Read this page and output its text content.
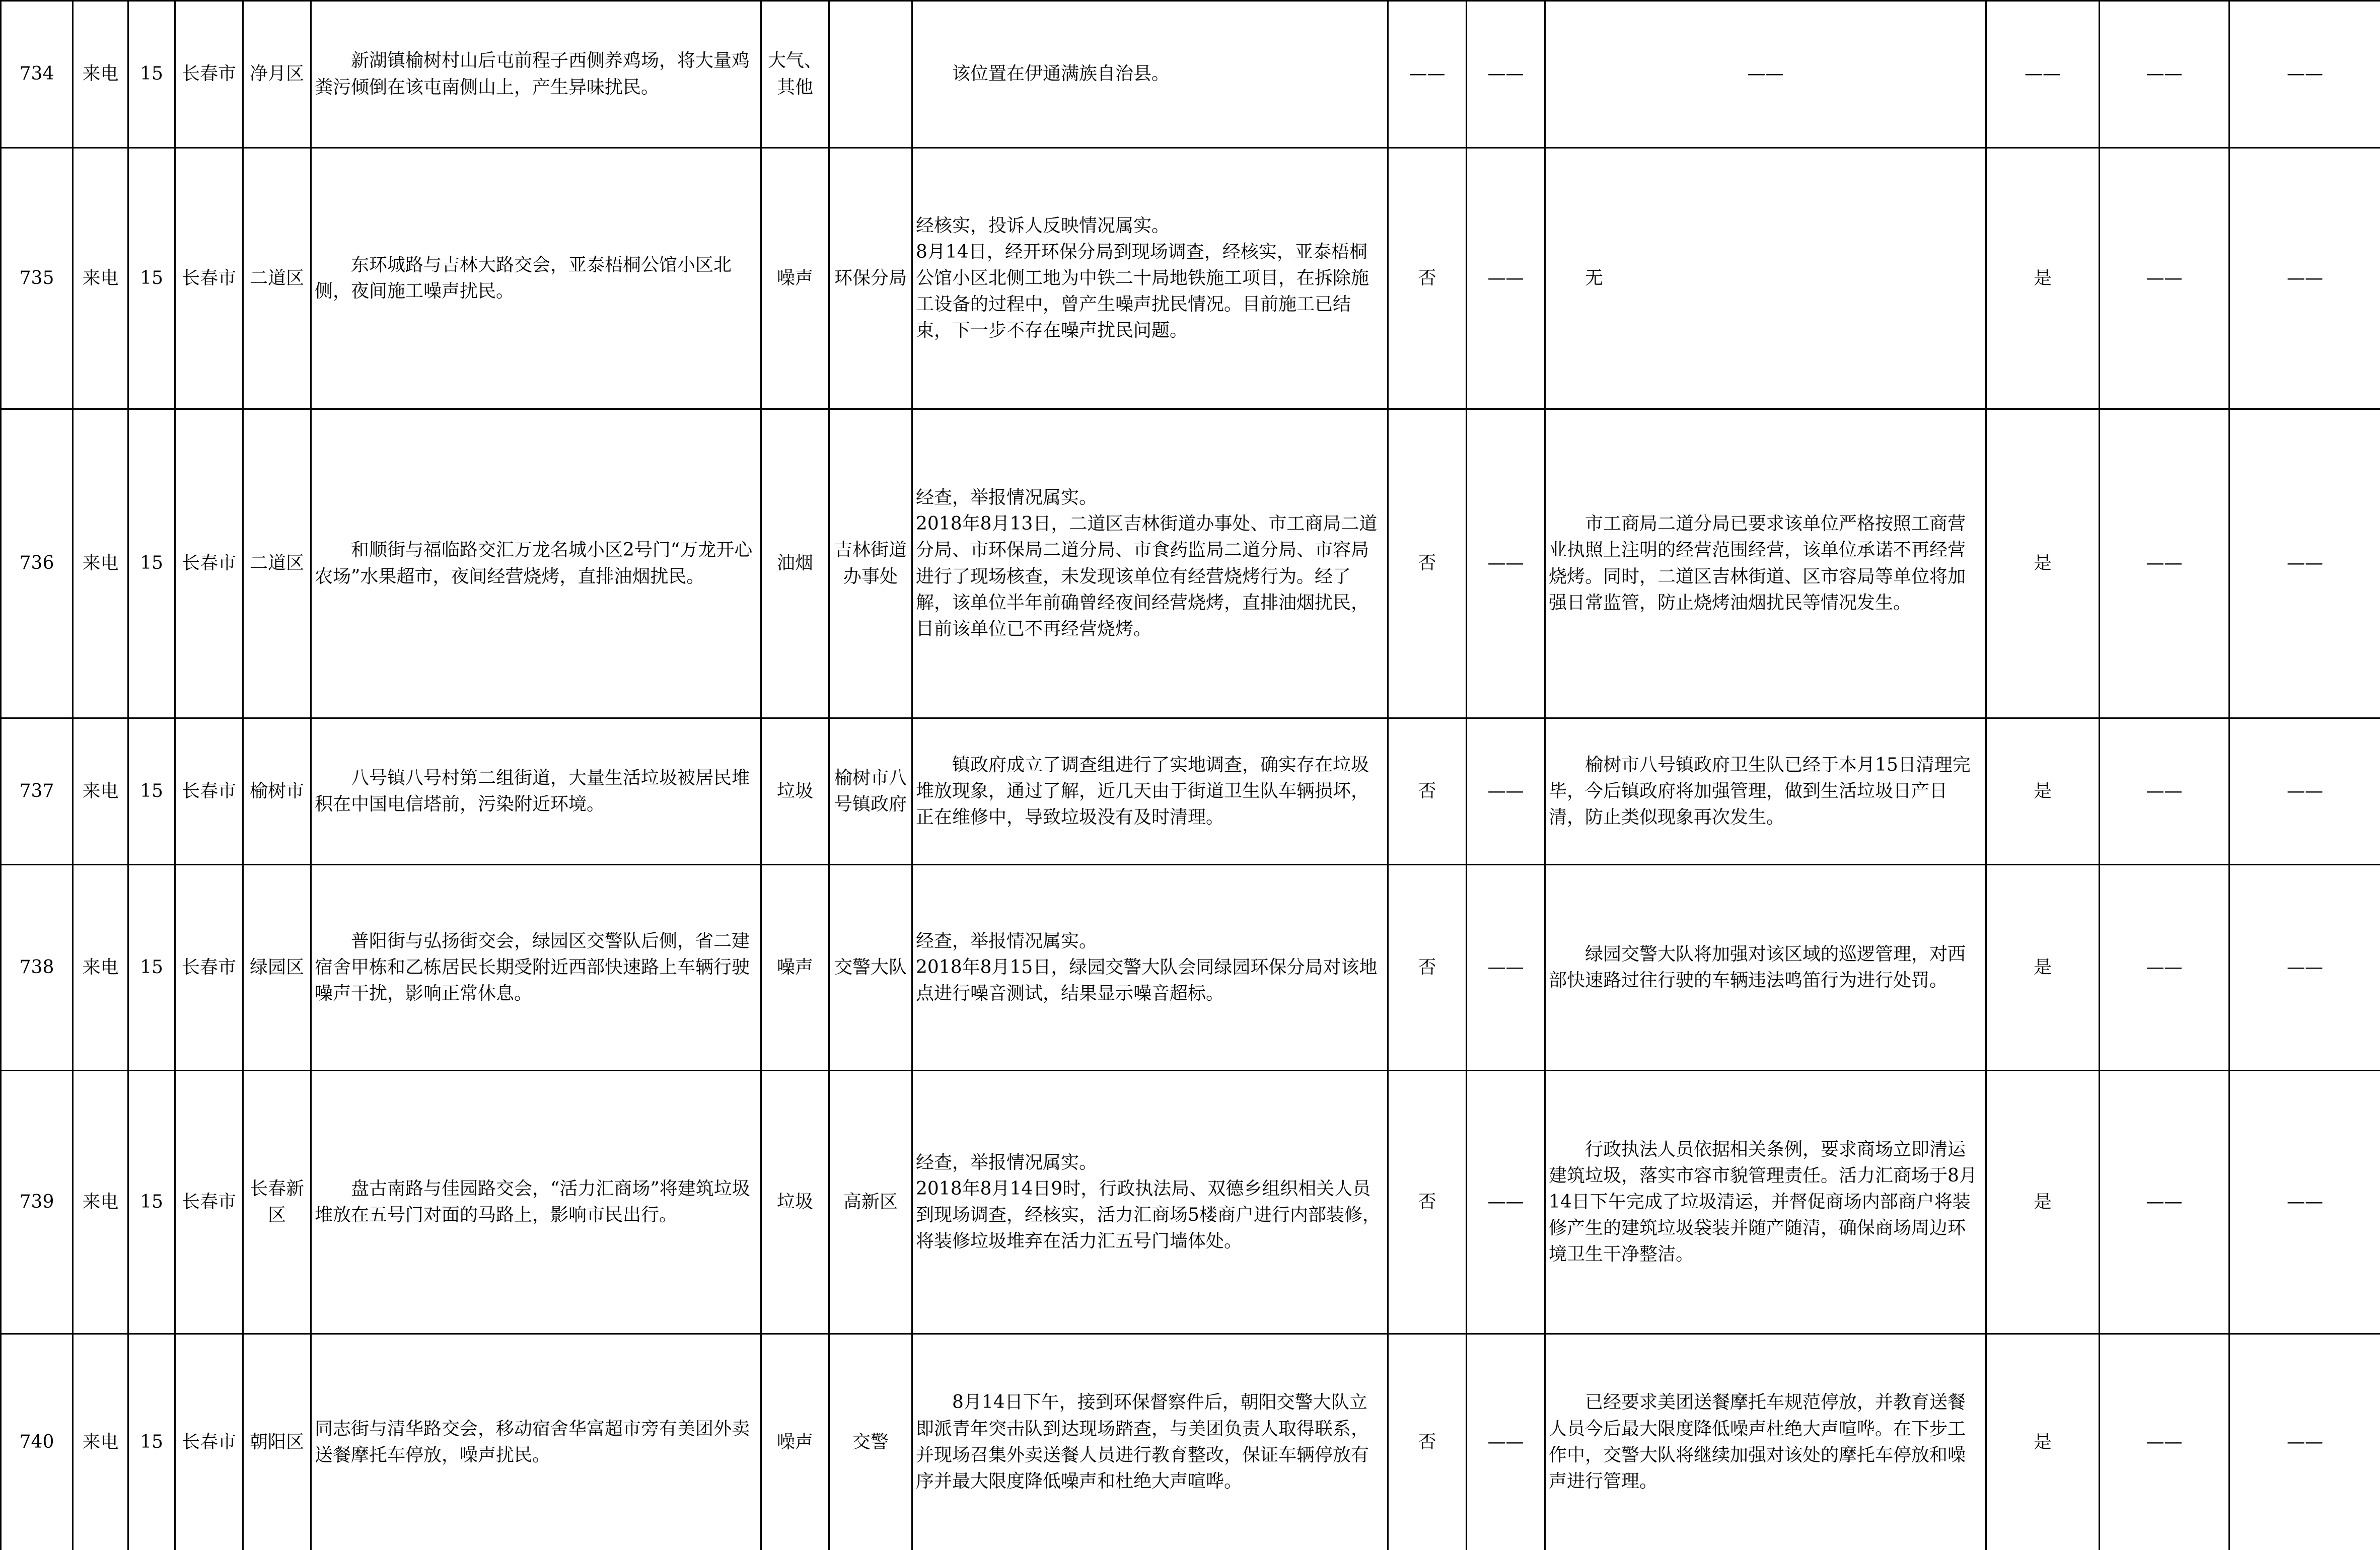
734	来电	15	长春市	净月区	新湖镇榆树村山后屯前程子西侧养鸡场，将大量鸡粪污倾倒在该屯南侧山上，产生异味扰民。	大气、其他		该位置在伊通满族自治县。	——	——	——	——	——	——
735	来电	15	长春市	二道区	东环城路与吉林大路交会，亚泰梧桐公馆小区北侧，夜间施工噪声扰民。	噪声	环保分局	经核实，投诉人反映情况属实。
8月14日，经开环保分局到现场调查，经核实，亚泰梧桐公馆小区北侧工地为中铁二十局地铁施工项目，在拆除施工设备的过程中，曾产生噪声扰民情况。目前施工已结束，下一步不存在噪声扰民问题。	否	——	无	是	——	——
736	来电	15	长春市	二道区	和顺街与福临路交汇万龙名城小区2号门“万龙开心农场”水果超市，夜间经营烧烤，直排油烟扰民。	油烟	吉林街道办事处	经查，举报情况属实。
2018年8月13日，二道区吉林街道办事处、市工商局二道分局、市环保局二道分局、市食药监局二道分局、市容局进行了现场核查，未发现该单位有经营烧烤行为。经了解，该单位半年前确曾经夜间经营烧烤，直排油烟扰民，目前该单位已不再经营烧烤。	否	——	市工商局二道分局已要求该单位严格按照工商营业执照上注明的经营范围经营，该单位承诺不再经营烧烤。同时，二道区吉林街道、区市容局等单位将加强日常监管，防止烧烤油烟扰民等情况发生。	是	——	——
737	来电	15	长春市	榆树市	八号镇八号村第二组街道，大量生活垃圾被居民堆积在中国电信塔前，污染附近环境。	垃圾	榆树市八号镇政府	镇政府成立了调查组进行了实地调查，确实存在垃圾堆放现象，通过了解，近几天由于街道卫生队车辆损坏，正在维修中，导致垃圾没有及时清理。	否	——	榆树市八号镇政府卫生队已经于本月15日清理完毕，今后镇政府将加强管理，做到生活垃圾日产日清，防止类似现象再次发生。	是	——	——
738	来电	15	长春市	绿园区	普阳街与弘扬街交会，绿园区交警队后侧，省二建宿舍甲栋和乙栋居民长期受附近西部快速路上车辆行驶噪声干扰，影响正常休息。	噪声	交警大队	经查，举报情况属实。
2018年8月15日，绿园交警大队会同绿园环保分局对该地点进行噪音测试，结果显示噪音超标。	否	——	绿园交警大队将加强对该区域的巡逻管理，对西部快速路过往行驶的车辆违法鸣笛行为进行处罚。	是	——	——
739	来电	15	长春市	长春新区	盘古南路与佳园路交会，“活力汇商场”将建筑垃圾堆放在五号门对面的马路上，影响市民出行。	垃圾	高新区	经查，举报情况属实。
2018年8月14日9时，行政执法局、双德乡组织相关人员到现场调查，经核实，活力汇商场5楼商户进行内部装修，将装修垃圾堆弃在活力汇五号门墙体处。	否	——	行政执法人员依据相关条例，要求商场立即清运建筑垃圾，落实市容市貌管理责任。活力汇商场于8月14日下午完成了垃圾清运，并督促商场内部商户将装修产生的建筑垃圾袋装并随产随清，确保商场周边环境卫生干净整洁。	是	——	——
740	来电	15	长春市	朝阳区	同志街与清华路交会，移动宿舍华富超市旁有美团外卖送餐摩托车停放，噪声扰民。	噪声	交警	8月14日下午，接到环保督察件后，朝阳交警大队立即派青年突击队到达现场踏查，与美团负责人取得联系，并现场召集外卖送餐人员进行教育整改，保证车辆停放有序并最大限度降低噪声和杜绝大声喧哗。	否	——	已经要求美团送餐摩托车规范停放，并教育送餐人员今后最大限度降低噪声杜绝大声喧哗。在下步工作中，交警大队将继续加强对该处的摩托车停放和噪声进行管理。	是	——	——
